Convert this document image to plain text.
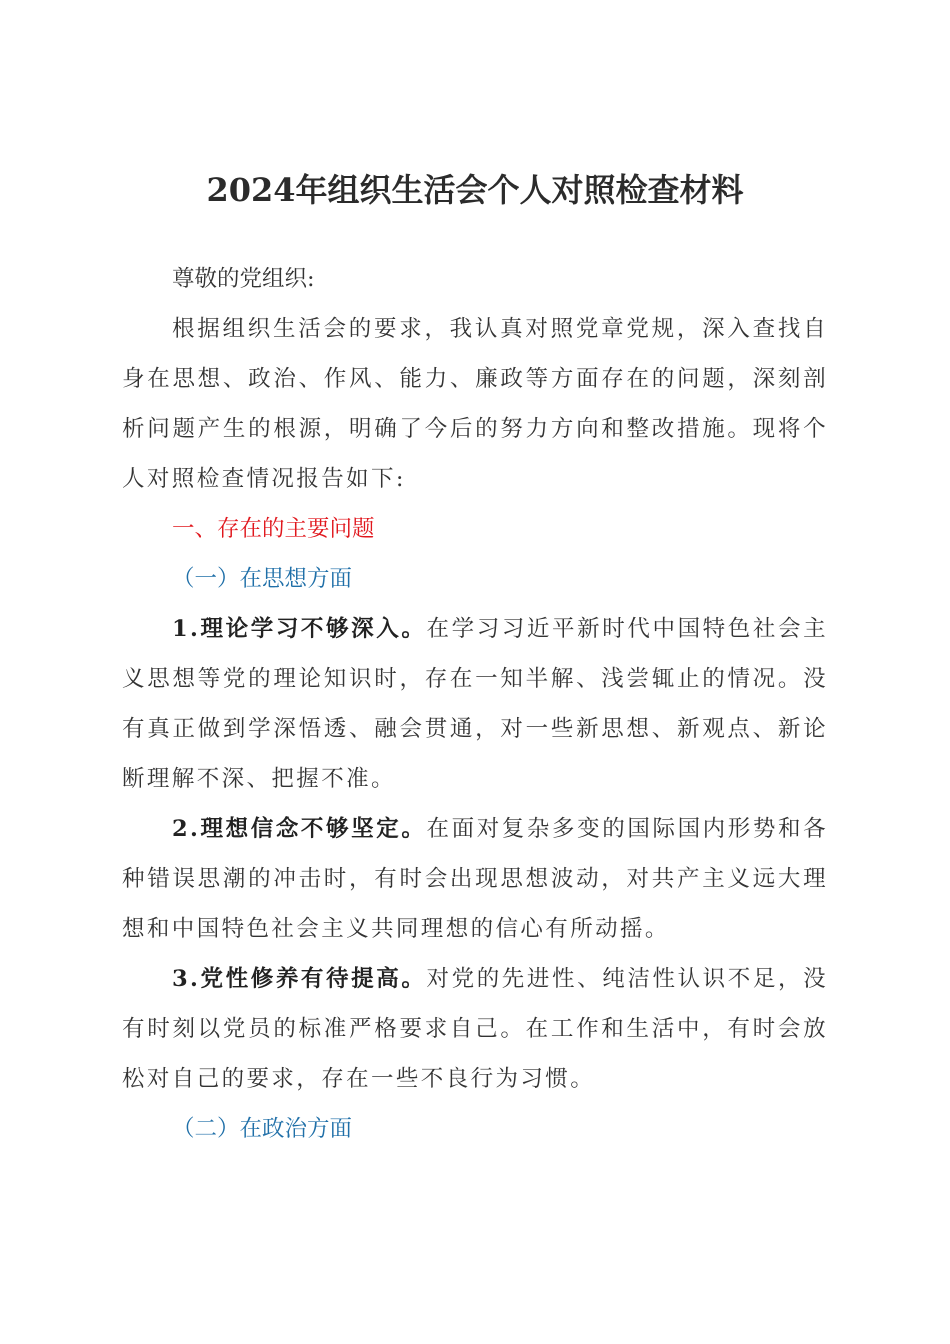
2024年组织生活会个人对照检查材料

尊敬的党组织:

根据组织生活会的要求，我认真对照党章党规，深入查找自身在思想、政治、作风、能力、廉政等方面存在的问题，深刻剖析问题产生的根源，明确了今后的努力方向和整改措施。现将个人对照检查情况报告如下:

一、存在的主要问题

（一）在思想方面

1.理论学习不够深入。在学习习近平新时代中国特色社会主义思想等党的理论知识时，存在一知半解、浅尝辄止的情况。没有真正做到学深悟透、融会贯通，对一些新思想、新观点、新论断理解不深、把握不准。

2.理想信念不够坚定。在面对复杂多变的国际国内形势和各种错误思潮的冲击时，有时会出现思想波动，对共产主义远大理想和中国特色社会主义共同理想的信心有所动摇。

3.党性修养有待提高。对党的先进性、纯洁性认识不足，没有时刻以党员的标准严格要求自己。在工作和生活中，有时会放松对自己的要求，存在一些不良行为习惯。

（二）在政治方面
